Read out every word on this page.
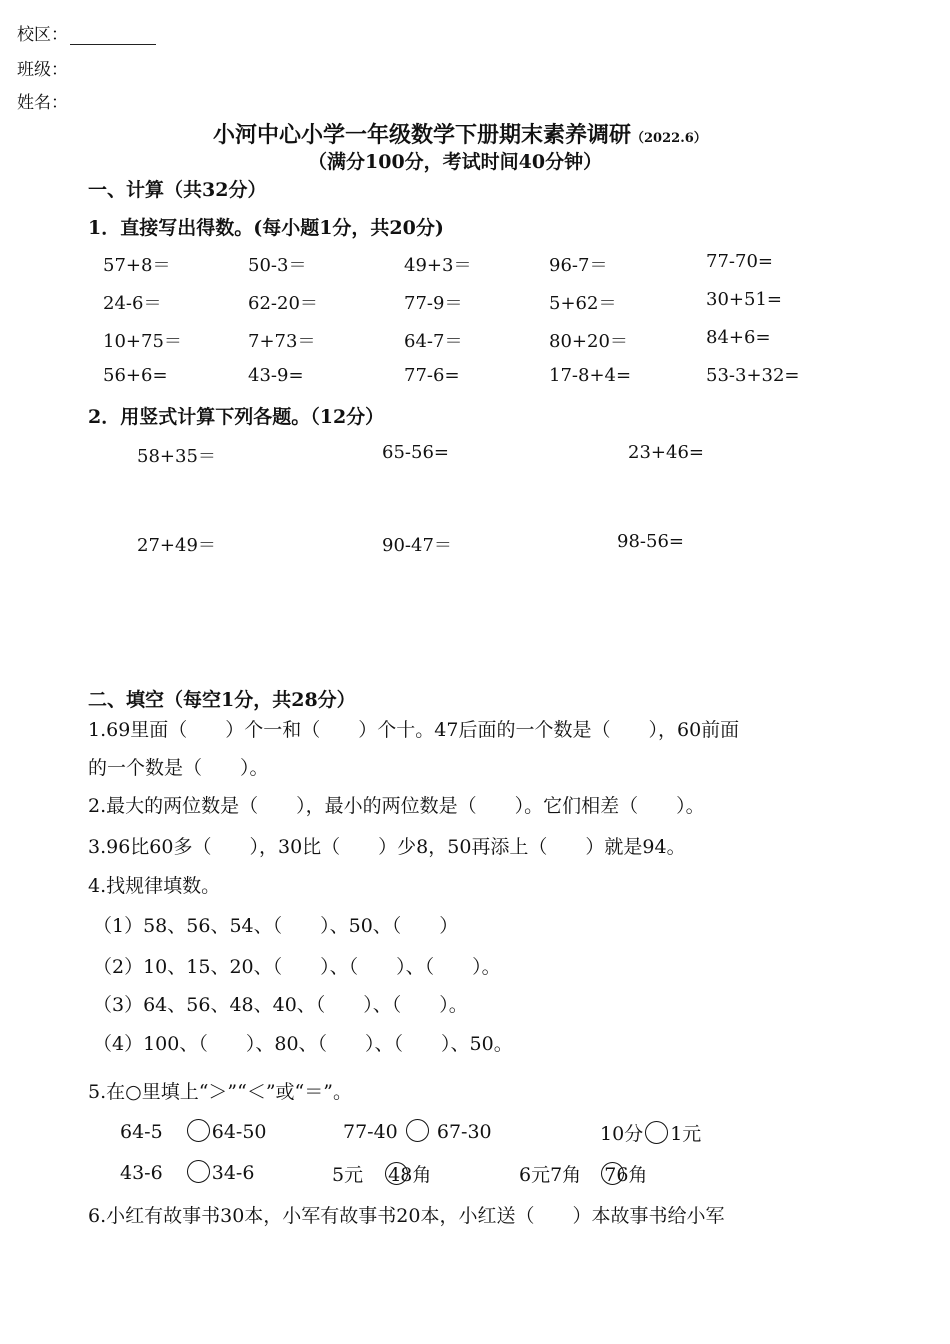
校区：
班级：
姓名：
小河中心小学一年级数学下册期末素养调研（2022.6）
（满分100分，考试时间40分钟）
一、计算（共32分）
1．直接写出得数。(每小题1分，共20分)
57+8＝	50-3＝	49+3＝	96-7＝	77-70=
24-6＝	62-20＝	77-9＝	5+62＝	30+51=
10+75＝	7+73＝	64-7＝	80+20＝	84+6=
56+6=	43-9=	77-6=	17-8+4=	53-3+32=
2．用竖式计算下列各题。（12分）
58+35＝	65-56=	23+46=
27+49＝	90-47＝	98-56=
二、填空（每空1分，共28分）
1.69里面（　　）个一和（　　）个十。47后面的一个数是（　　），60前面
的一个数是（　　）。
2.最大的两位数是（　　），最小的两位数是（　　）。它们相差（　　）。
3.96比60多（　　），30比（　　）少8，50再添上（　　）就是94。
4.找规律填数。
（1）58、56、54、（　　）、50、（　　）
（2）10、15、20、（　　）、（　　）、（　　）。
（3）64、56、48、40、（　　）、（　　）。
（4）100、（　　）、80、（　　）、（　　）、50。
5.在○里填上“＞”“＜”或“＝”。
64-5	64-50	77-40 67-30	10分 1元
43-6	34-6	5元 48角	6元7角 76角
6.小红有故事书30本，小军有故事书20本，小红送（　　）本故事书给小军
